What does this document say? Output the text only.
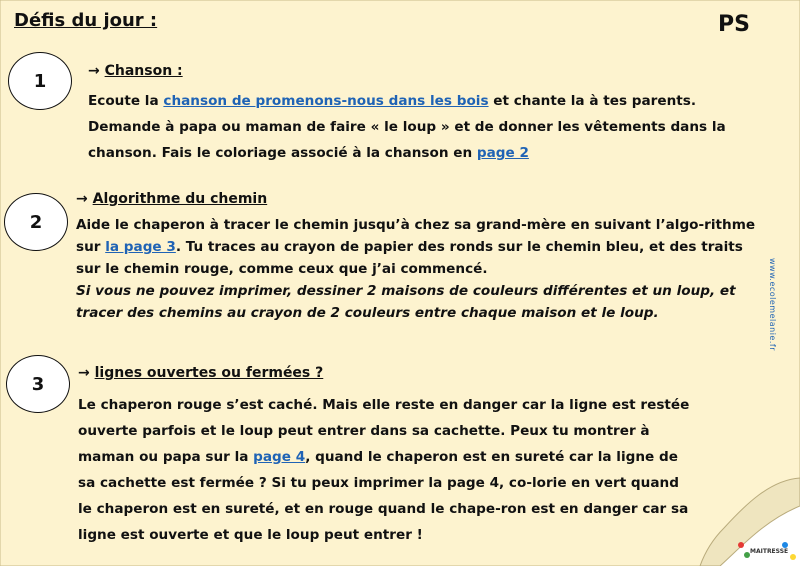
Défis du jour :	PS
1	→ Chanson :

Ecoute la chanson de promenons-nous dans les bois et chante la à tes parents. Demande à papa ou maman de faire « le loup » et de donner les vêtements dans la chanson. Fais le coloriage associé à la chanson en page 2

2
→ Algorithme du chemin

Aide le chaperon à tracer le chemin jusqu’à chez sa grand-mère en suivant l’algo-rithme sur la page 3. Tu traces au crayon de papier des ronds sur le chemin bleu, et des traits sur le chemin rouge, comme ceux que j’ai commencé.
Si vous ne pouvez imprimer, dessiner 2 maisons de couleurs différentes et un loup, et tracer des chemins au crayon de 2 couleurs entre chaque maison et le loup.

3
→ lignes ouvertes ou fermées ?

Le chaperon rouge s’est caché. Mais elle reste en danger car la ligne est restée ouverte parfois et le loup peut entrer dans sa cachette. Peux tu montrer à maman ou papa sur la page 4, quand le chaperon est en sureté car la ligne de sa cachette est fermée ? Si tu peux imprimer la page 4, co-lorie en vert quand le chaperon est en sureté, et en rouge quand le chape-ron est en danger car sa ligne est ouverte et que le loup peut entrer !

www.ecolemelanie.fr
MAITRESSE
